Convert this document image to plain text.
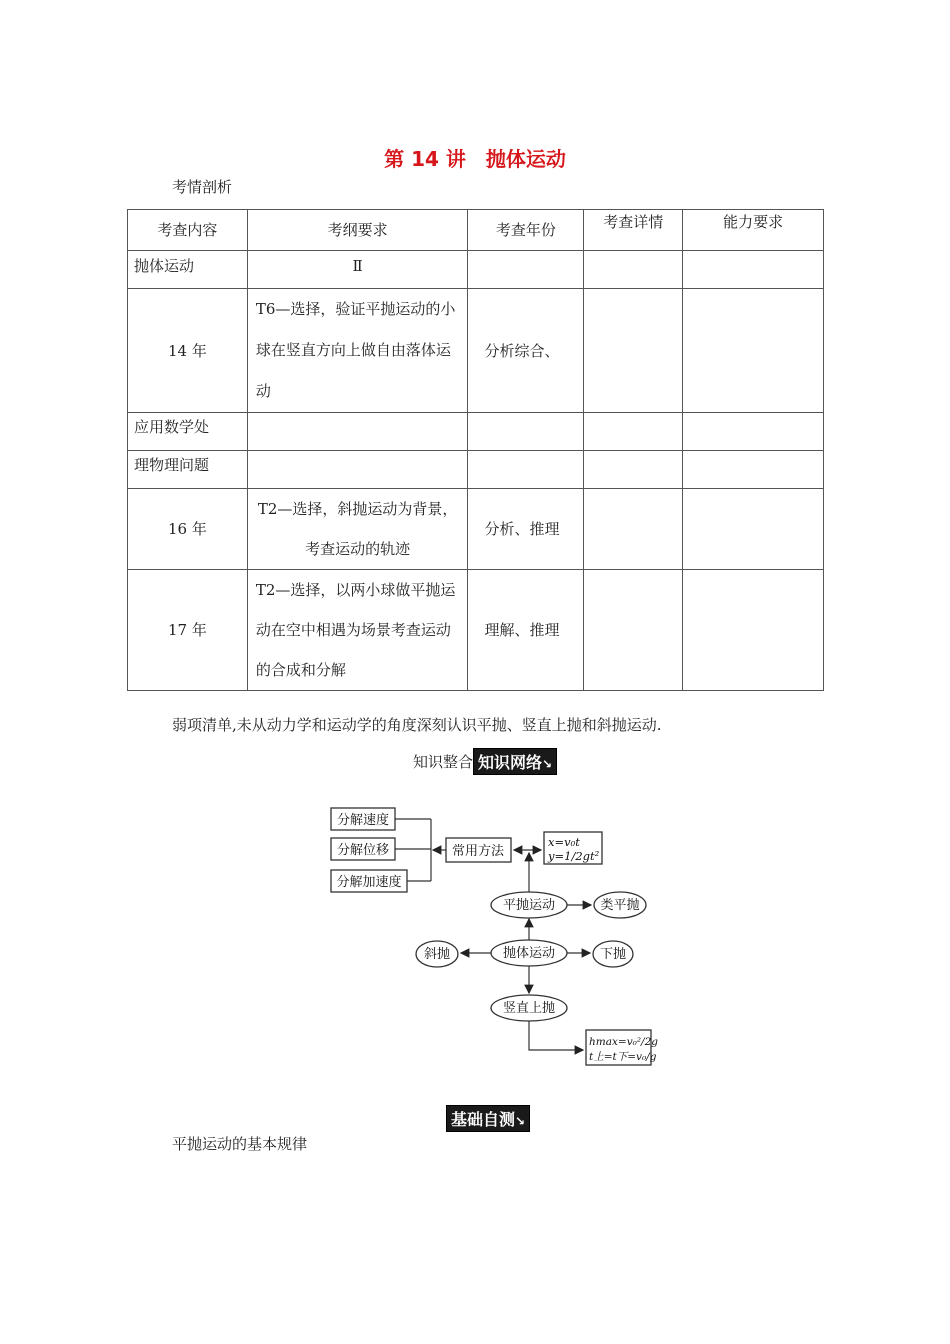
第 14 讲　抛体运动
考情剖析
考查内容	考纲要求	考查年份	考查详情	能力要求
抛体运动	Ⅱ			
14 年	T6—选择，验证平抛运动的小球在竖直方向上做自由落体运动	分析综合、		
应用数学处				
理物理问题				
16 年	T2—选择，斜抛运动为背景，考查运动的轨迹	分析、推理		
17 年	T2—选择，以两小球做平抛运动在空中相遇为场景考查运动的合成和分解	理解、推理		
弱项清单,未从动力学和运动学的角度深刻认识平抛、竖直上抛和斜抛运动.
知识整合 知识网络↘
分解速度
分解位移
分解加速度
常用方法
平抛运动	类平抛
斜抛	抛体运动	下抛
竖直上抛
x=v₀t
y=1/2gt²
hmax=v₀²/2g
t上=t下=v₀/g
基础自测↘
平抛运动的基本规律
